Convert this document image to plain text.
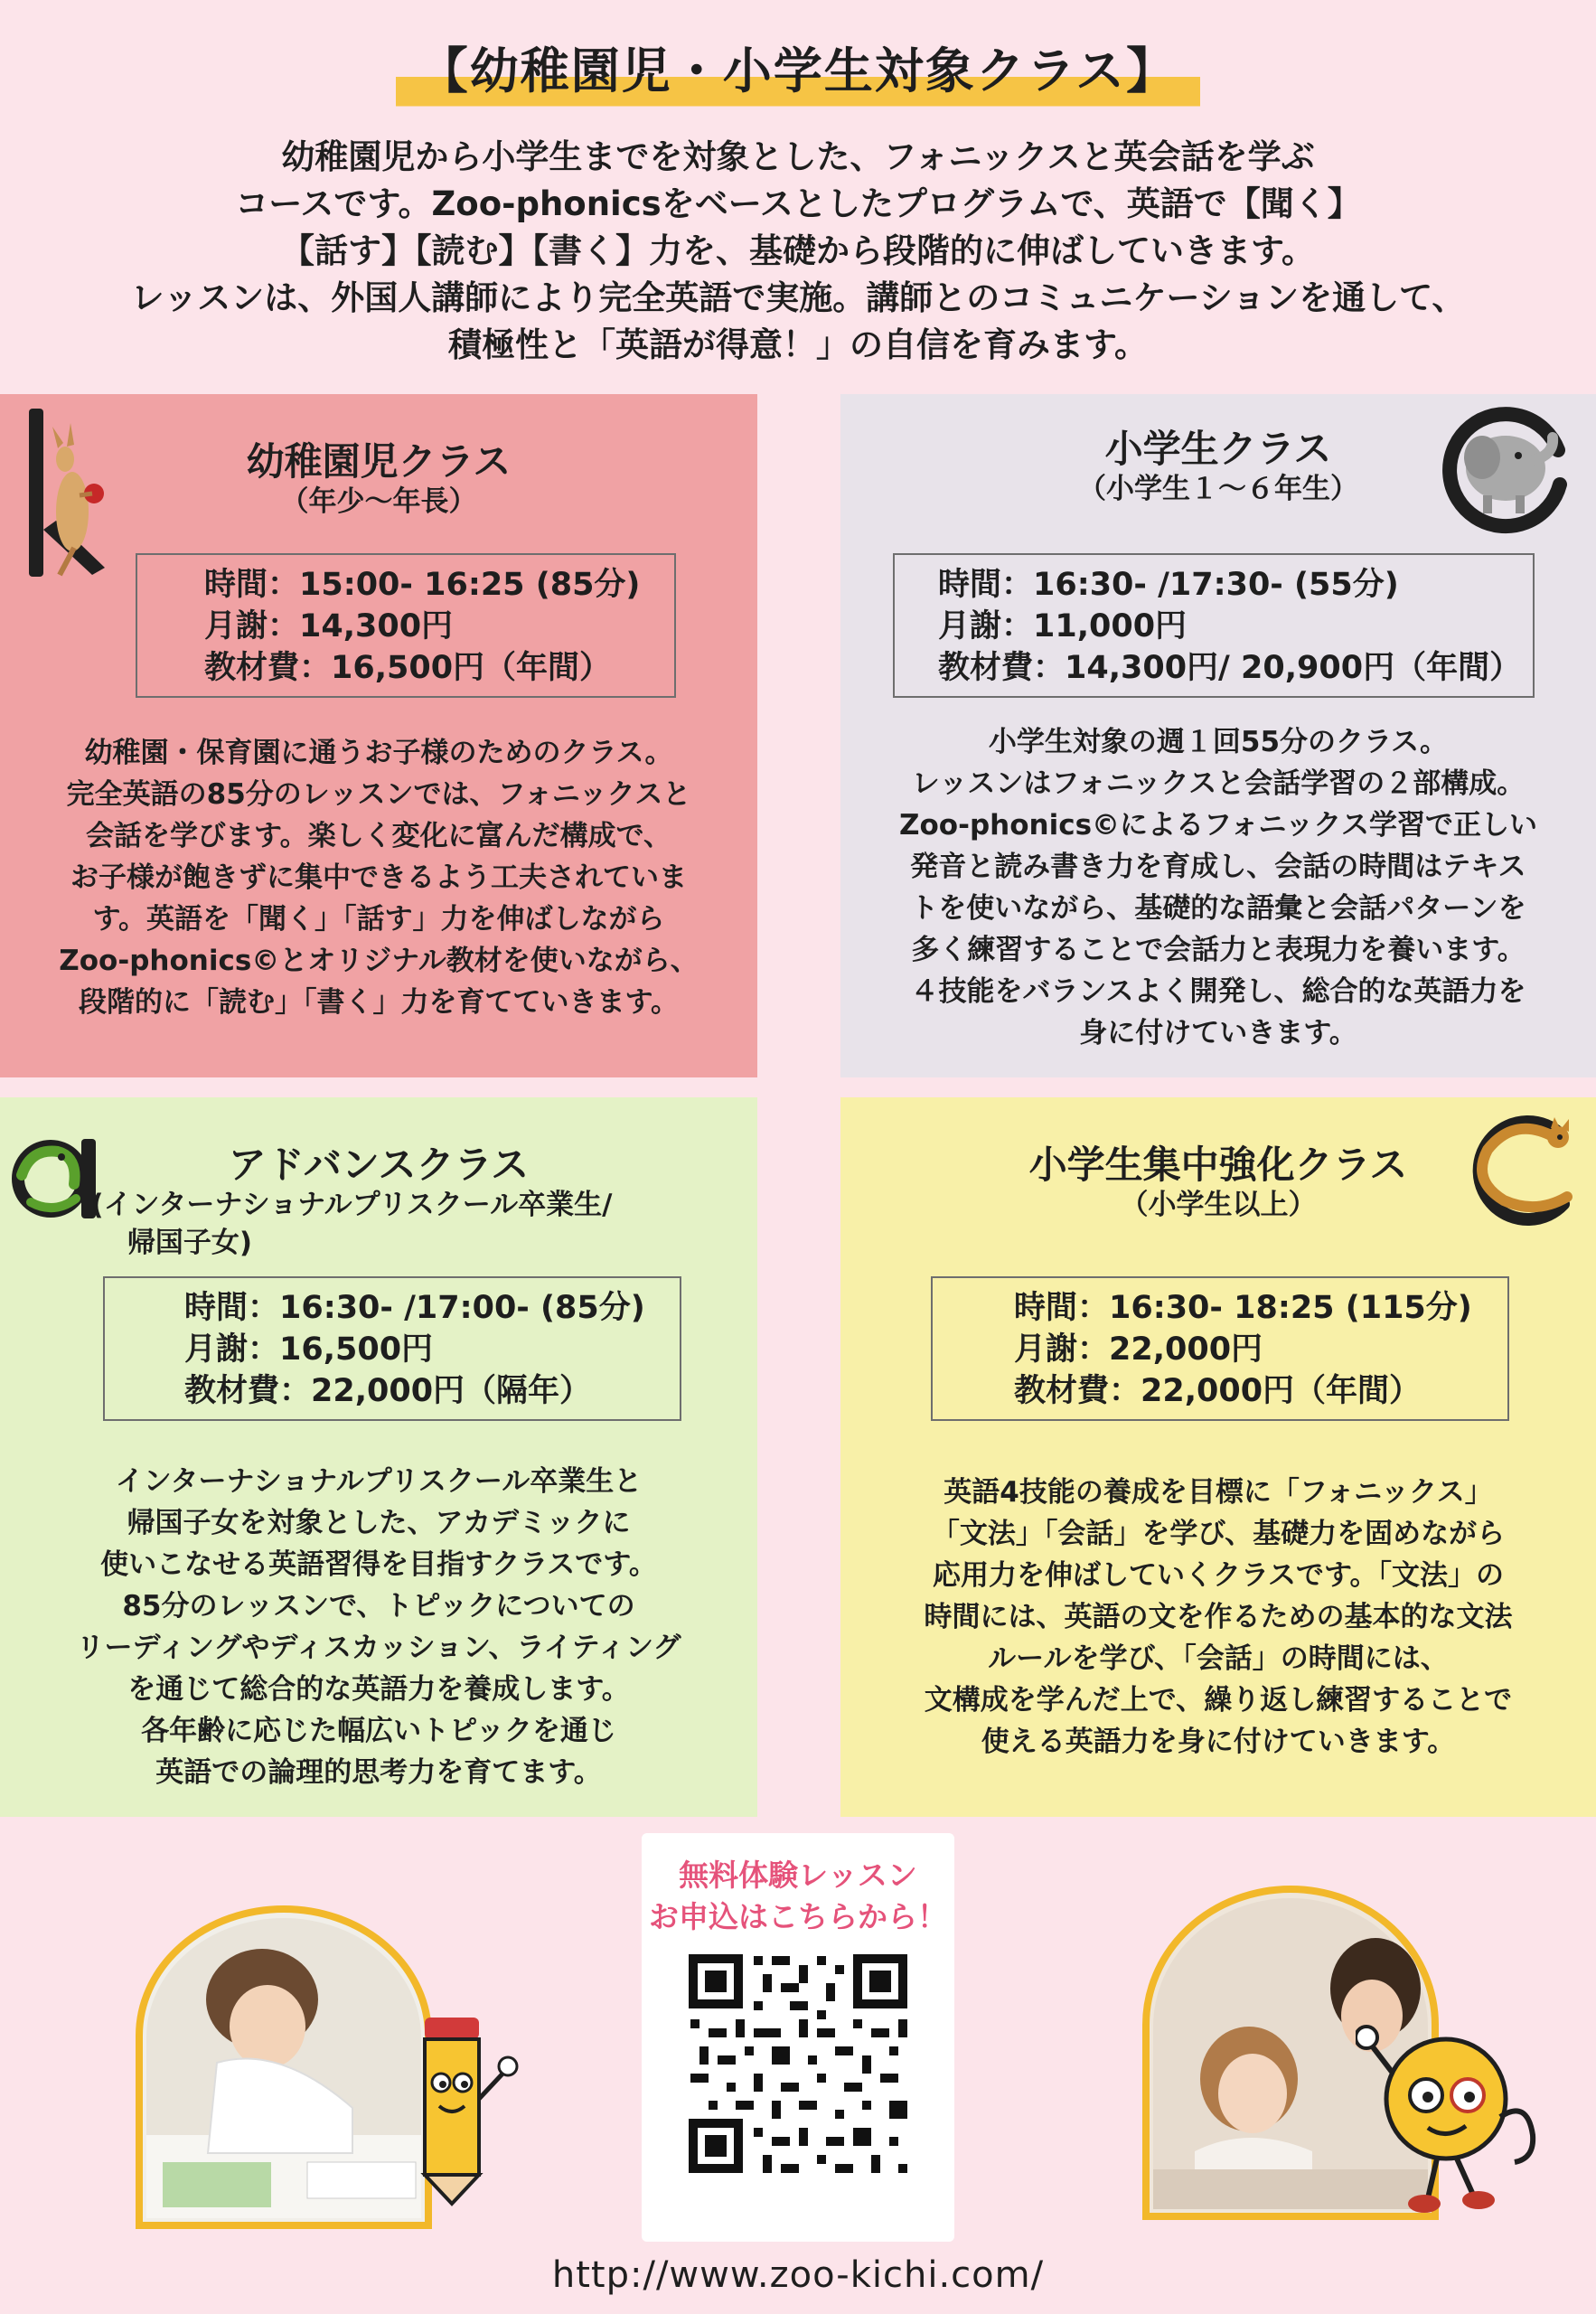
【幼稚園児・小学生対象クラス】
幼稚園児から小学生までを対象とした、フォニックスと英会話を学ぶ
コースです。Zoo-phonicsをベースとしたプログラムで、英語で【聞く】
【話す】【読む】【書く】力を、基礎から段階的に伸ばしていきます。
レッスンは、外国人講師により完全英語で実施。講師とのコミュニケーションを通して、
積極性と「英語が得意！」の自信を育みます。
幼稚園児クラス
（年少〜年長）
時間：15:00- 16:25 (85分)
月謝：14,300円
教材費：16,500円（年間）
幼稚園・保育園に通うお子様のためのクラス。
完全英語の85分のレッスンでは、フォニックスと
会話を学びます。楽しく変化に富んだ構成で、
お子様が飽きずに集中できるよう工夫されていま
す。英語を「聞く」「話す」力を伸ばしながら
Zoo-phonics©とオリジナル教材を使いながら、
段階的に「読む」「書く」力を育てていきます。
小学生クラス
（小学生１〜６年生）
時間：16:30- /17:30- (55分)
月謝：11,000円
教材費：14,300円/ 20,900円（年間）
小学生対象の週１回55分のクラス。
レッスンはフォニックスと会話学習の２部構成。
Zoo-phonics©によるフォニックス学習で正しい
発音と読み書き力を育成し、会話の時間はテキス
トを使いながら、基礎的な語彙と会話パターンを
多く練習することで会話力と表現力を養います。
４技能をバランスよく開発し、総合的な英語力を
身に付けていきます。
アドバンスクラス
(インターナショナルプリスクール卒業生/
帰国子女)
時間：16:30- /17:00- (85分)
月謝：16,500円
教材費：22,000円（隔年）
インターナショナルプリスクール卒業生と
帰国子女を対象とした、アカデミックに
使いこなせる英語習得を目指すクラスです。
85分のレッスンで、トピックについての
リーディングやディスカッション、ライティング
を通じて総合的な英語力を養成します。
各年齢に応じた幅広いトピックを通じ
英語での論理的思考力を育てます。
小学生集中強化クラス
（小学生以上）
時間：16:30- 18:25 (115分)
月謝：22,000円
教材費：22,000円（年間）
英語4技能の養成を目標に「フォニックス」
「文法」「会話」を学び、基礎力を固めながら
応用力を伸ばしていくクラスです。「文法」の
時間には、英語の文を作るための基本的な文法
ルールを学び、「会話」の時間には、
文構成を学んだ上で、繰り返し練習することで
使える英語力を身に付けていきます。
無料体験レッスン
お申込はこちらから！
http://www.zoo-kichi.com/
